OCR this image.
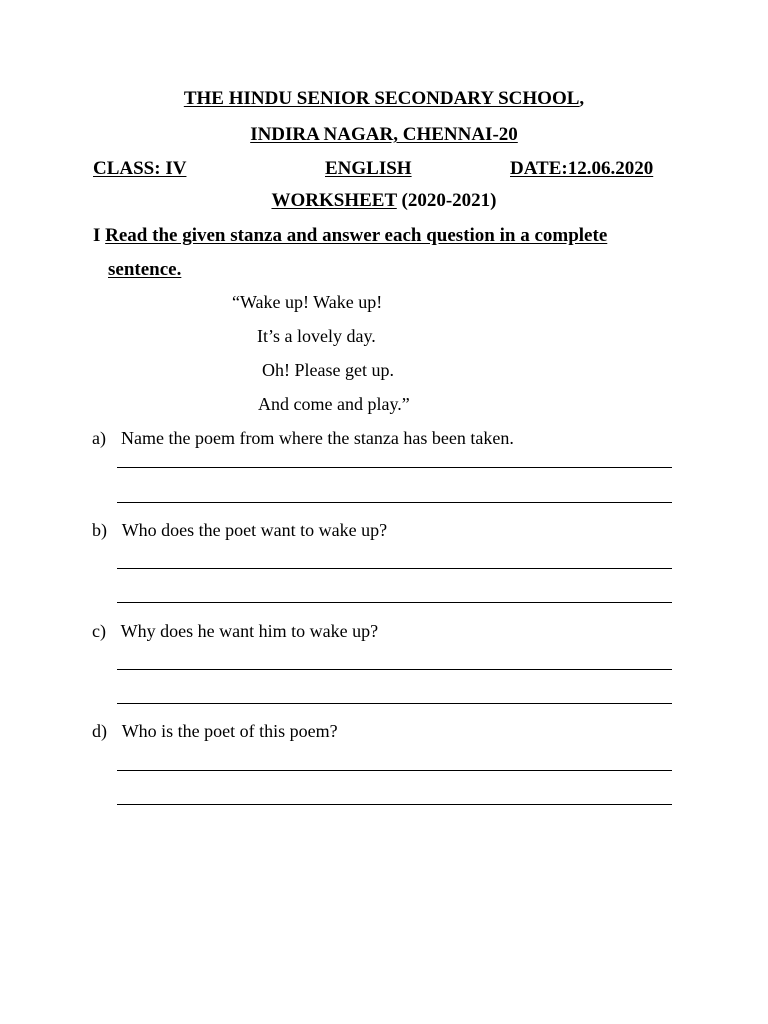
THE HINDU SENIOR SECONDARY SCHOOL,
INDIRA NAGAR, CHENNAI-20
CLASS: IV	ENGLISH	DATE:12.06.2020
WORKSHEET (2020-2021)
I Read the given stanza and answer each question in a complete
sentence.
“Wake up! Wake up!
It’s a lovely day.
Oh! Please get up.
And come and play.”
a) Name the poem from where the stanza has been taken.
b) Who does the poet want to wake up?
c) Why does he want him to wake up?
d) Who is the poet of this poem?
